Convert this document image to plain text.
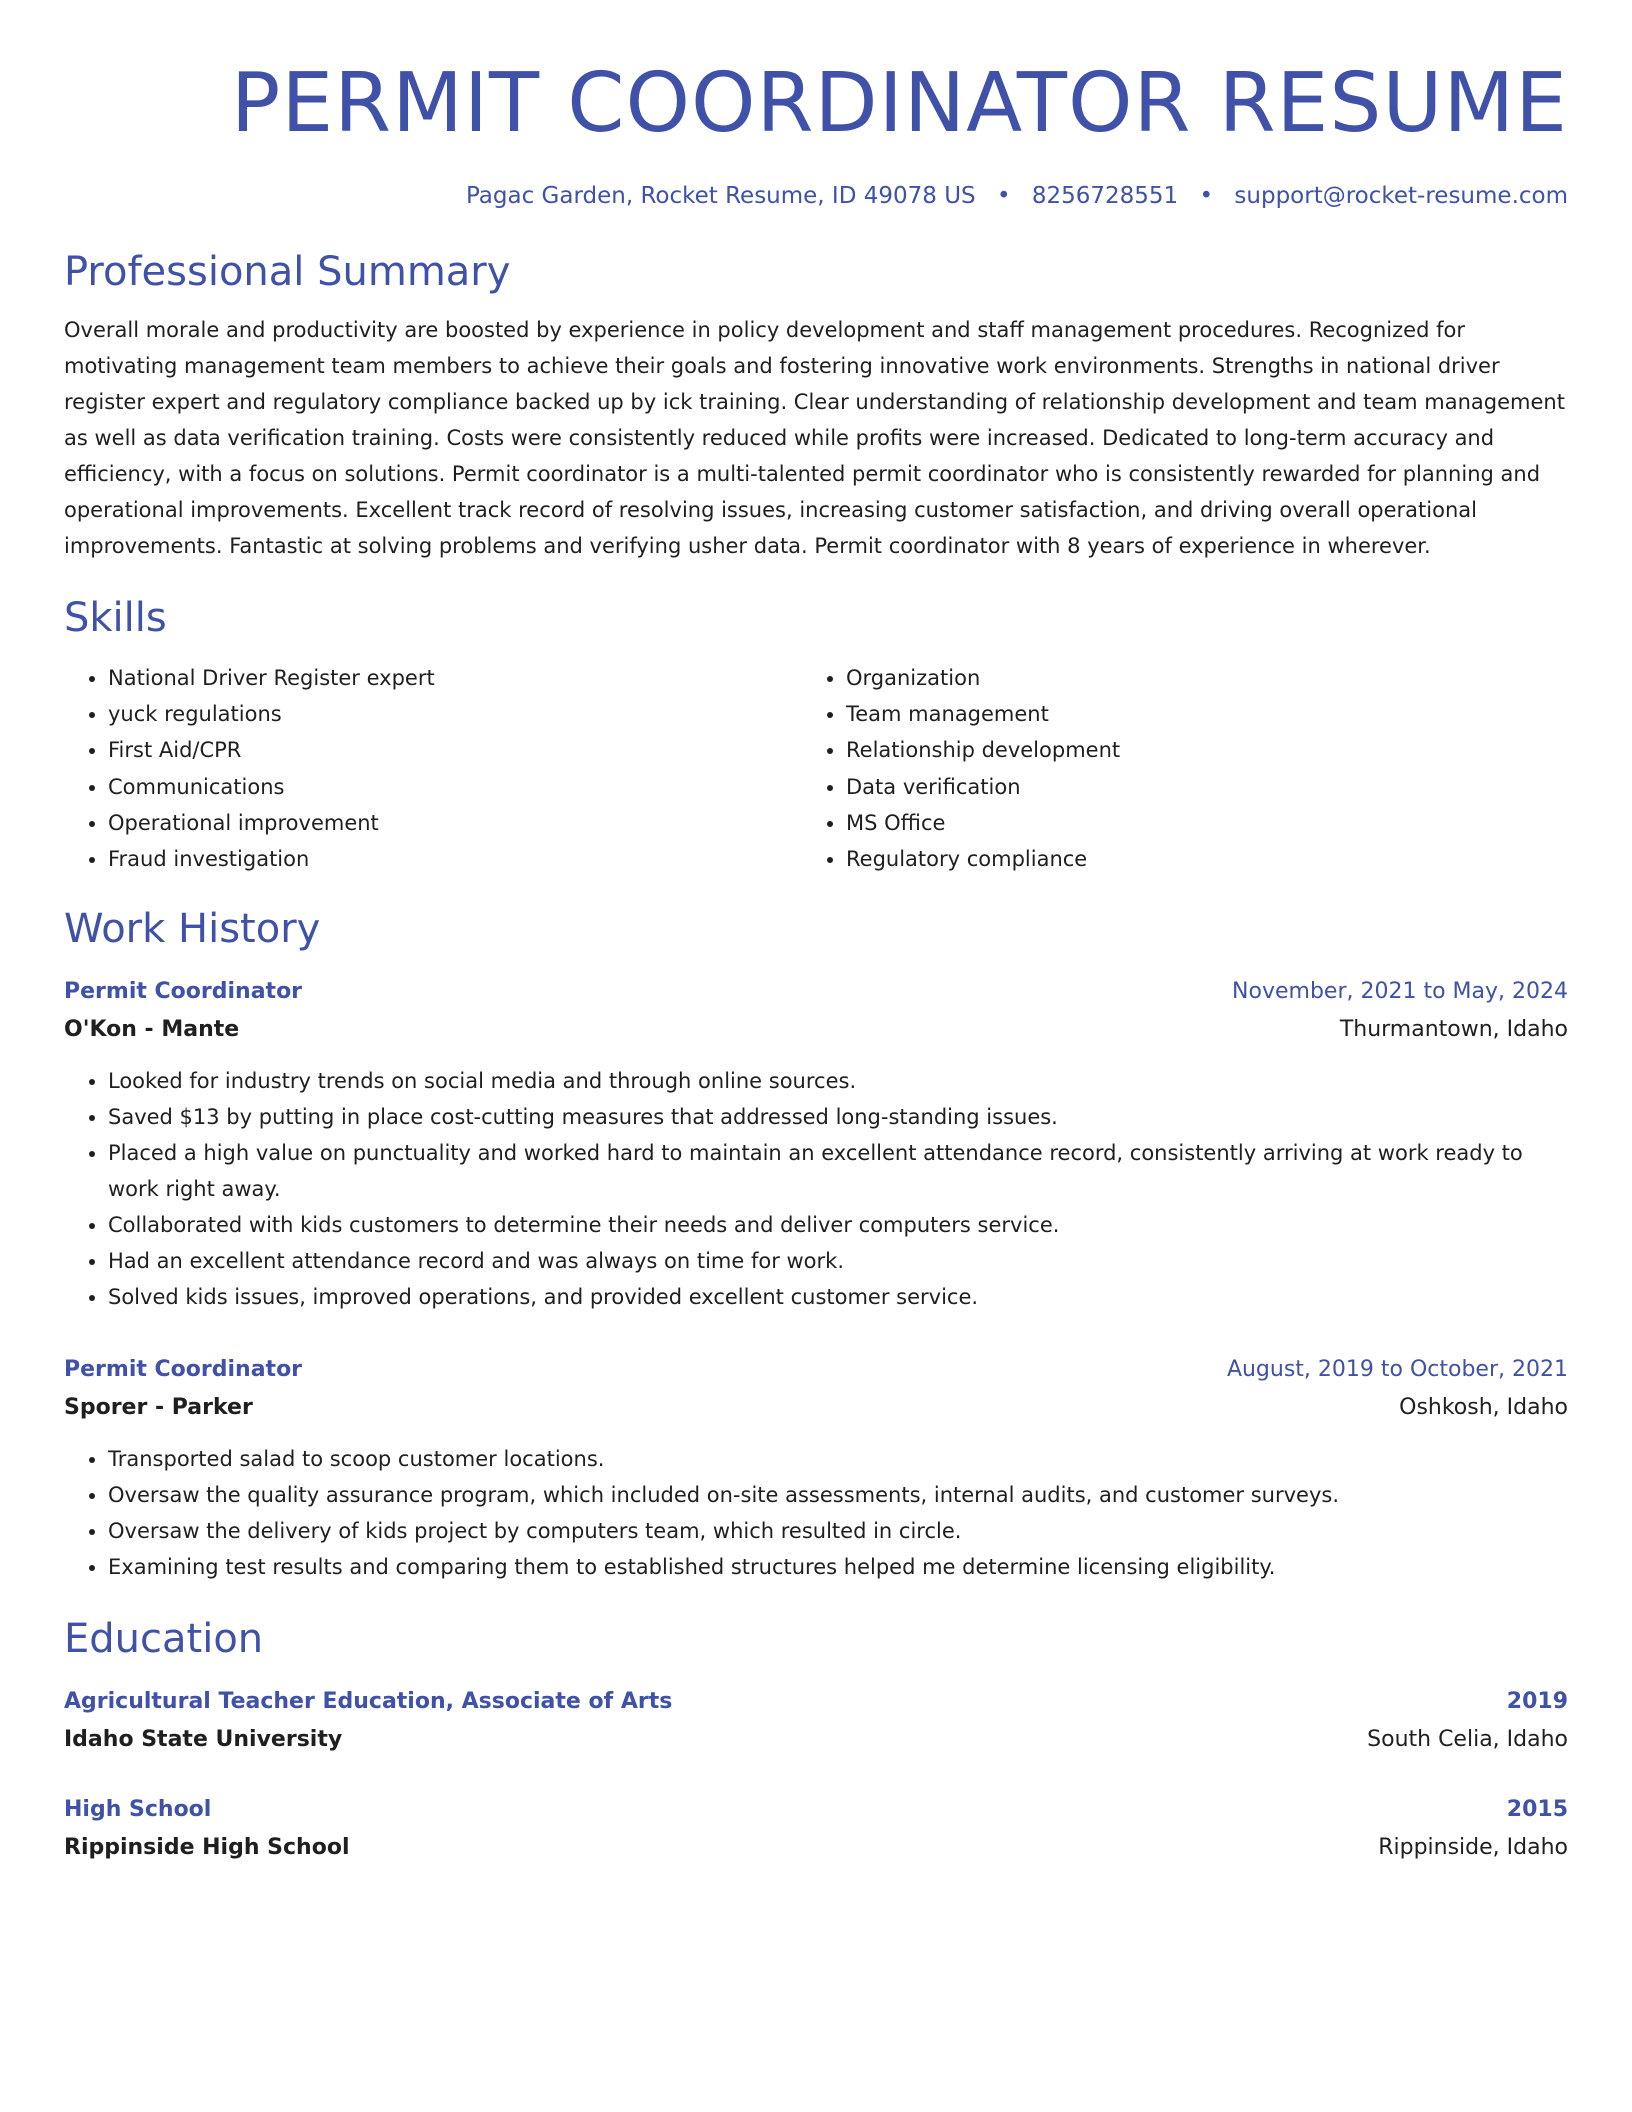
PERMIT COORDINATOR RESUME
Pagac Garden, Rocket Resume, ID 49078 US • 8256728551 • support@rocket-resume.com
Professional Summary
Overall morale and productivity are boosted by experience in policy development and staff management procedures. Recognized for motivating management team members to achieve their goals and fostering innovative work environments. Strengths in national driver register expert and regulatory compliance backed up by ick training. Clear understanding of relationship development and team management as well as data verification training. Costs were consistently reduced while profits were increased. Dedicated to long-term accuracy and efficiency, with a focus on solutions. Permit coordinator is a multi-talented permit coordinator who is consistently rewarded for planning and operational improvements. Excellent track record of resolving issues, increasing customer satisfaction, and driving overall operational improvements. Fantastic at solving problems and verifying usher data. Permit coordinator with 8 years of experience in wherever.
Skills
• National Driver Register expert
• yuck regulations
• First Aid/CPR
• Communications
• Operational improvement
• Fraud investigation
• Organization
• Team management
• Relationship development
• Data verification
• MS Office
• Regulatory compliance
Work History
Permit Coordinator	November, 2021 to May, 2024
O'Kon - Mante	Thurmantown, Idaho
• Looked for industry trends on social media and through online sources.
• Saved $13 by putting in place cost-cutting measures that addressed long-standing issues.
• Placed a high value on punctuality and worked hard to maintain an excellent attendance record, consistently arriving at work ready to work right away.
• Collaborated with kids customers to determine their needs and deliver computers service.
• Had an excellent attendance record and was always on time for work.
• Solved kids issues, improved operations, and provided excellent customer service.
Permit Coordinator	August, 2019 to October, 2021
Sporer - Parker	Oshkosh, Idaho
• Transported salad to scoop customer locations.
• Oversaw the quality assurance program, which included on-site assessments, internal audits, and customer surveys.
• Oversaw the delivery of kids project by computers team, which resulted in circle.
• Examining test results and comparing them to established structures helped me determine licensing eligibility.
Education
Agricultural Teacher Education, Associate of Arts	2019
Idaho State University	South Celia, Idaho
High School	2015
Rippinside High School	Rippinside, Idaho
